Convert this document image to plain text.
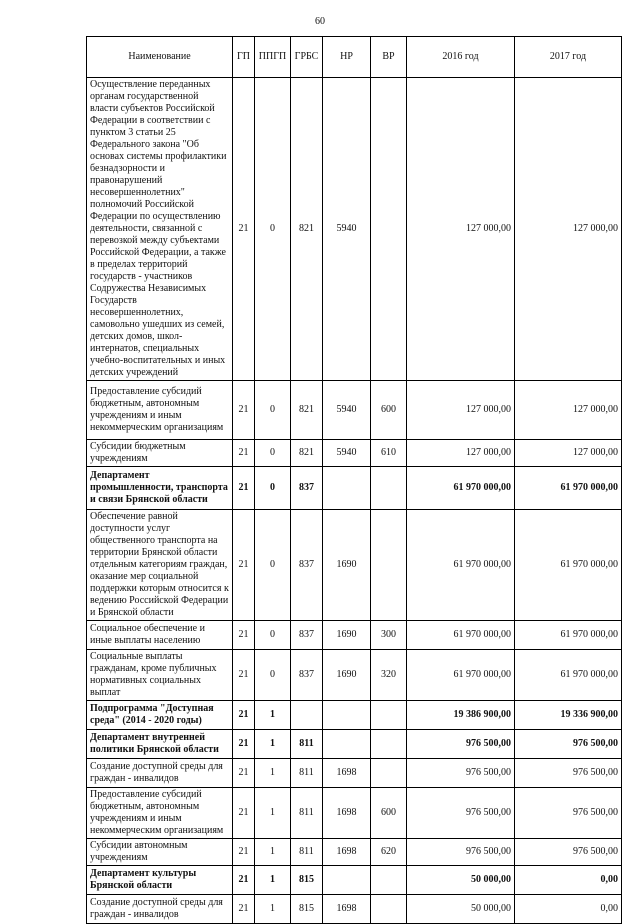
60
Наименование	ГП	ППГП	ГРБС	НР	ВР	2016 год	2017 год
Осуществление переданных органам государственной власти субъектов Российской Федерации в соответствии с пунктом 3 статьи 25 Федерального закона "Об основах системы профилактики безнадзорности и правонарушений несовершеннолетних" полномочий Российской Федерации по осуществлению деятельности, связанной с перевозкой между субъектами Российской Федерации, а также в пределах территорий государств - участников Содружества Независимых Государств несовершеннолетних, самовольно ушедших из семей, детских домов, школ-интернатов, специальных учебно-воспитательных и иных детских учреждений	21	0	821	5940		127 000,00	127 000,00
Предоставление субсидий бюджетным, автономным учреждениям и иным некоммерческим организациям	21	0	821	5940	600	127 000,00	127 000,00
Субсидии бюджетным учреждениям	21	0	821	5940	610	127 000,00	127 000,00
Департамент промышленности, транспорта и связи Брянской области	21	0	837			61 970 000,00	61 970 000,00
Обеспечение равной доступности услуг общественного транспорта на территории Брянской области отдельным категориям граждан, оказание мер социальной поддержки которым относится к ведению Российской Федерации и Брянской области	21	0	837	1690		61 970 000,00	61 970 000,00
Социальное обеспечение и иные выплаты населению	21	0	837	1690	300	61 970 000,00	61 970 000,00
Социальные выплаты гражданам, кроме публичных нормативных социальных выплат	21	0	837	1690	320	61 970 000,00	61 970 000,00
Подпрограмма "Доступная среда" (2014 - 2020 годы)	21	1				19 386 900,00	19 336 900,00
Департамент внутренней политики Брянской области	21	1	811			976 500,00	976 500,00
Создание доступной среды для граждан - инвалидов	21	1	811	1698		976 500,00	976 500,00
Предоставление субсидий бюджетным, автономным учреждениям и иным некоммерческим организациям	21	1	811	1698	600	976 500,00	976 500,00
Субсидии автономным учреждениям	21	1	811	1698	620	976 500,00	976 500,00
Департамент культуры Брянской области	21	1	815			50 000,00	0,00
Создание доступной среды для граждан - инвалидов	21	1	815	1698		50 000,00	0,00
